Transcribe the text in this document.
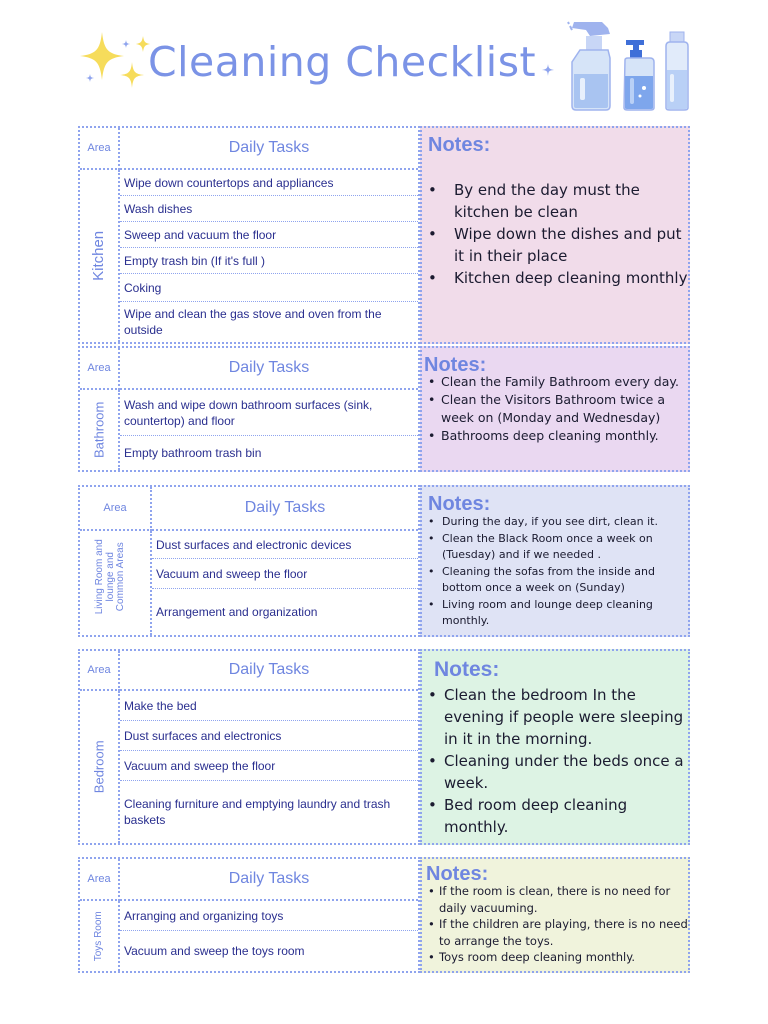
Cleaning Checklist
Area	Daily Tasks
Kitchen
Wipe down countertops and appliances
Wash dishes
Sweep and vacuum the floor
Empty trash bin (If it's full )
Coking
Wipe and clean the gas stove and oven from the outside
Notes:
• By end the day must the kitchen be clean
• Wipe down the dishes and put it in their place
• Kitchen deep cleaning monthly
Area	Daily Tasks
Bathroom	Wash and wipe down bathroom surfaces (sink, countertop) and floor
Empty bathroom trash bin
Notes:
• Clean the Family Bathroom every day.
• Clean the Visitors Bathroom twice a week on (Monday and Wednesday)
• Bathrooms deep cleaning monthly.
Area	Daily Tasks
Living Room and lounge and Common Areas	Dust surfaces and electronic devices
Vacuum and sweep the floor
Arrangement and organization
Notes:
• During the day, if you see dirt, clean it.
• Clean the Black Room once a week on (Tuesday) and if we needed .
• Cleaning the sofas from the inside and bottom once a week on (Sunday)
• Living room and lounge deep cleaning monthly.
Area	Daily Tasks
Bedroom
Make the bed
Dust surfaces and electronics
Vacuum and sweep the floor
Cleaning furniture and emptying laundry and trash baskets
Notes:
• Clean the bedroom In the evening if people were sleeping in it in the morning.
• Cleaning under the beds once a week.
• Bed room deep cleaning monthly.
Area	Daily Tasks
Toys Room	Arranging and organizing toys
Vacuum and sweep the toys room
Notes:
• If the room is clean, there is no need for daily vacuuming.
• If the children are playing, there is no need to arrange the toys.
• Toys room deep cleaning monthly.
